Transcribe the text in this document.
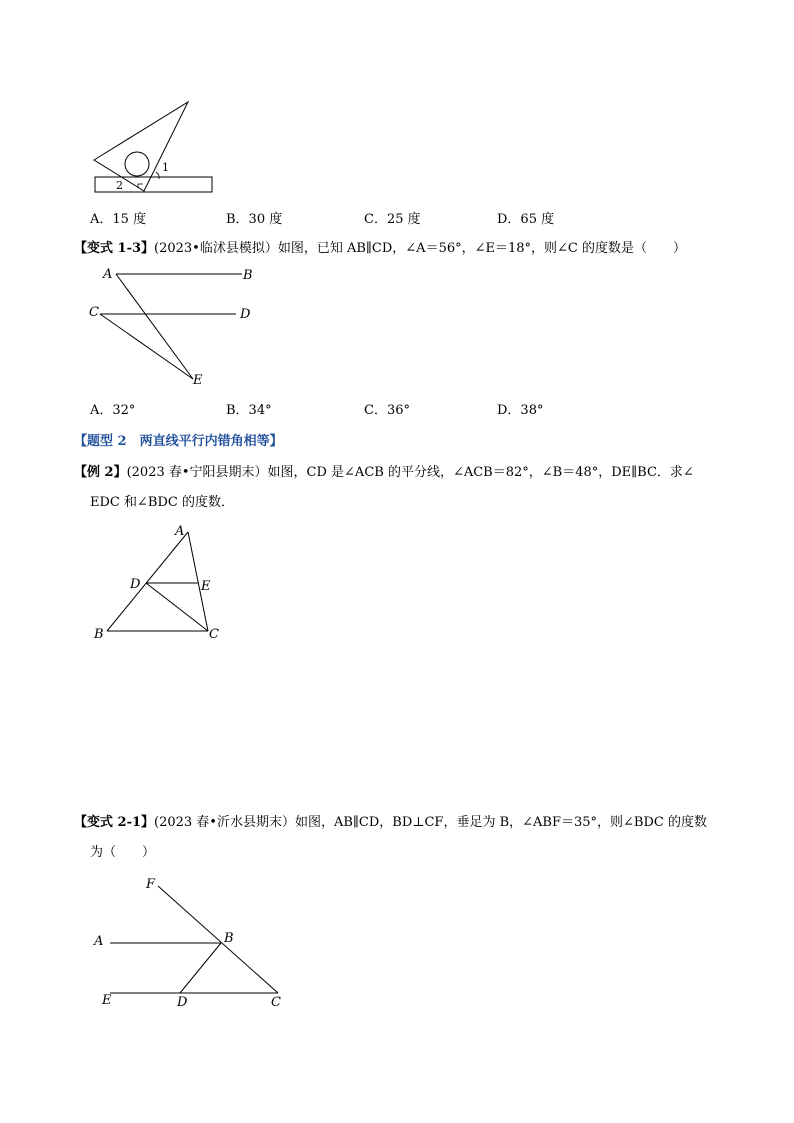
1
2
A．15 度	B．30 度	C．25 度	D．65 度
【变式 1-3】(2023•临沭县模拟）如图，已知 AB∥CD，∠A＝56°，∠E＝18°，则∠C 的度数是（　　）
A	B
C	D
E
A．32°	B．34°	C．36°	D．38°
【题型 2　两直线平行内错角相等】
【例 2】(2023 春•宁阳县期末）如图，CD 是∠ACB 的平分线，∠ACB＝82°，∠B＝48°，DE∥BC．求∠
EDC 和∠BDC 的度数．
A
D	E
B	C
【变式 2-1】(2023 春•沂水县期末）如图，AB∥CD，BD⊥CF，垂足为 B，∠ABF＝35°，则∠BDC 的度数
为（　　）
F
A	B
E	D	C
